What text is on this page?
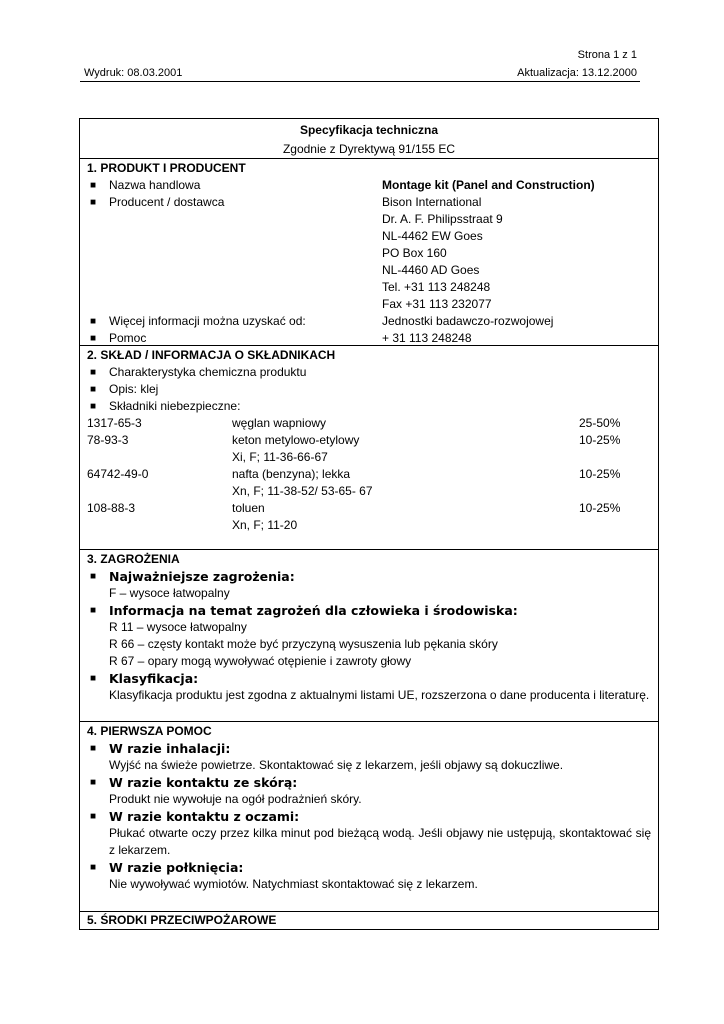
Strona 1 z 1
Wydruk: 08.03.2001	Aktualizacja: 13.12.2000
Specyfikacja techniczna
Zgodnie z Dyrektywą 91/155 EC
1. PRODUKT I PRODUCENT
■	Nazwa handlowa	Montage kit (Panel and Construction)
■	Producent / dostawca	Bison International
Dr. A. F. Philipsstraat 9
NL-4462 EW Goes
PO Box 160
NL-4460 AD Goes
Tel. +31 113 248248
Fax +31 113 232077
■	Więcej informacji można uzyskać od:	Jednostki badawczo-rozwojowej
■	Pomoc	+ 31 113 248248
2. SKŁAD / INFORMACJA O SKŁADNIKACH
■	Charakterystyka chemiczna produktu
■	Opis: klej
■	Składniki niebezpieczne:
1317-65-3	węglan wapniowy	25-50%
78-93-3	keton metylowo-etylowy	10-25%
Xi, F; 11-36-66-67
64742-49-0	nafta (benzyna); lekka	10-25%
Xn, F; 11-38-52/ 53-65- 67
108-88-3	toluen	10-25%
Xn, F; 11-20
3. ZAGROŻENIA
■	Najważniejsze zagrożenia:
F – wysoce łatwopalny
■	Informacja na temat zagrożeń dla człowieka i środowiska:
R 11 – wysoce łatwopalny
R 66 – częsty kontakt może być przyczyną wysuszenia lub pękania skóry
R 67 – opary mogą wywoływać otępienie i zawroty głowy
■	Klasyfikacja:
Klasyfikacja produktu jest zgodna z aktualnymi listami UE, rozszerzona o dane producenta i literaturę.
4. PIERWSZA POMOC
■	W razie inhalacji:
Wyjść na świeże powietrze. Skontaktować się z lekarzem, jeśli objawy są dokuczliwe.
■	W razie kontaktu ze skórą:
Produkt nie wywołuje na ogół podrażnień skóry.
■	W razie kontaktu z oczami:
Płukać otwarte oczy przez kilka minut pod bieżącą wodą. Jeśli objawy nie ustępują, skontaktować się z lekarzem.
■	W razie połknięcia:
Nie wywoływać wymiotów. Natychmiast skontaktować się z lekarzem.
5. ŚRODKI PRZECIWPOŻAROWE
